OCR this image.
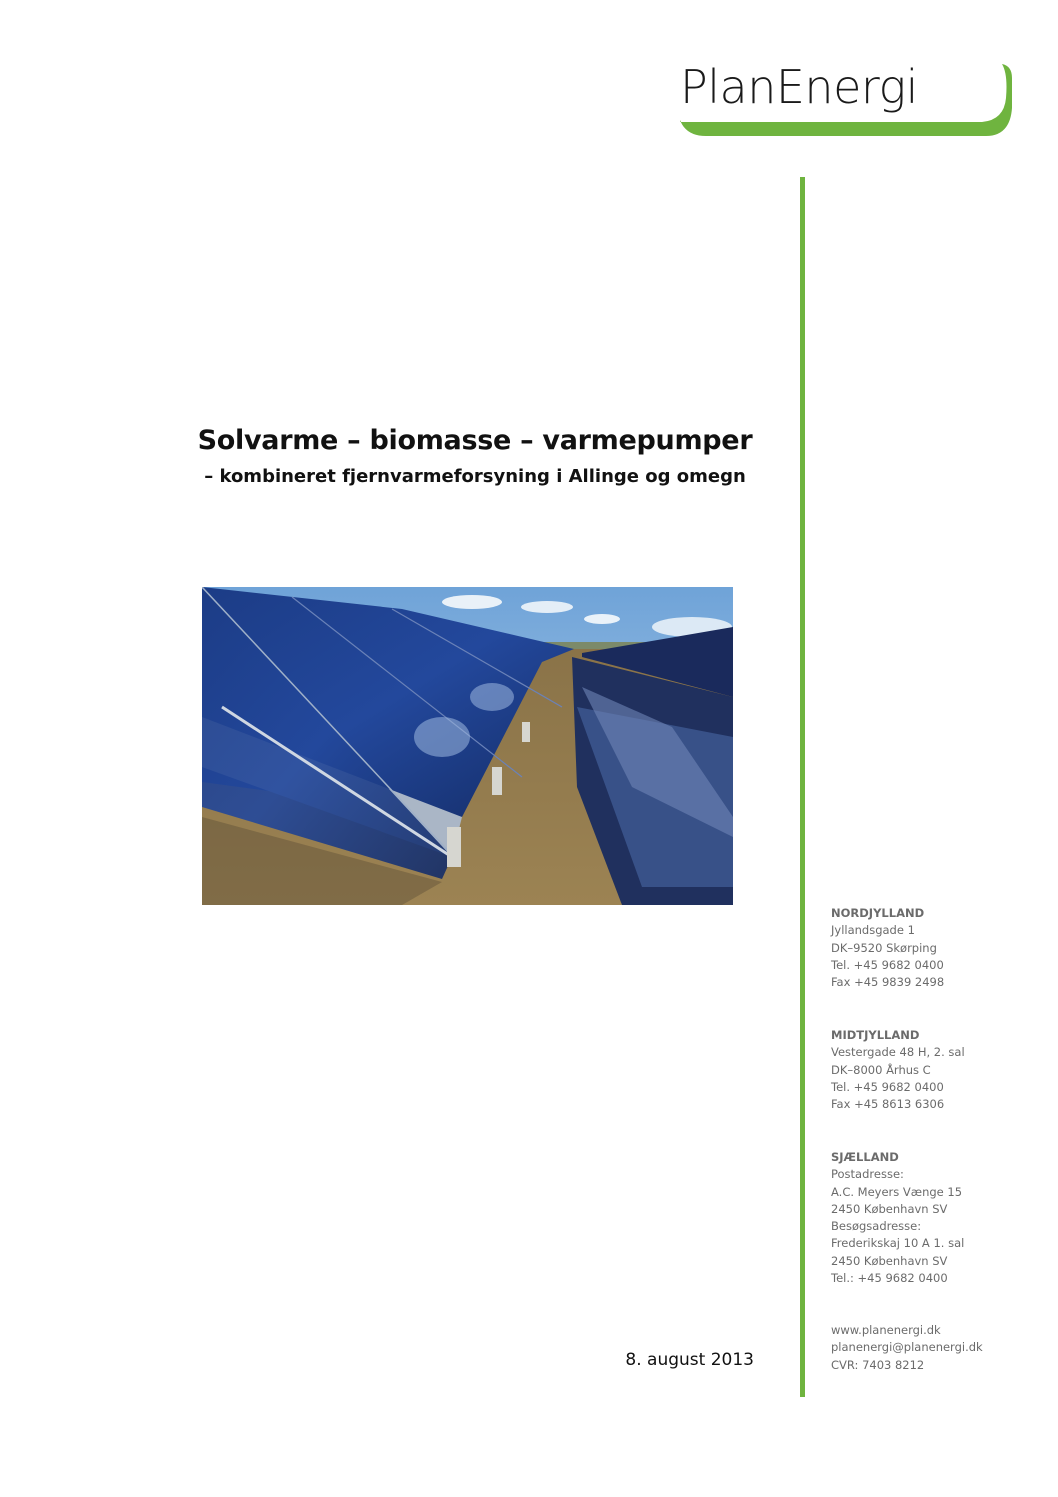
PlanEnergi
Solvarme – biomasse – varmepumper
– kombineret fjernvarmeforsyning i Allinge og omegn
8. august 2013
NORDJYLLAND
Jyllandsgade 1
DK–9520 Skørping
Tel. +45 9682 0400
Fax +45 9839 2498
MIDTJYLLAND
Vestergade 48 H, 2. sal
DK–8000 Århus C
Tel. +45 9682 0400
Fax +45 8613 6306
SJÆLLAND
Postadresse:
A.C. Meyers Vænge 15
2450 København SV
Besøgsadresse:
Frederikskaj 10 A 1. sal
2450 København SV
Tel.: +45 9682 0400
www.planenergi.dk
planenergi@planenergi.dk
CVR: 7403 8212
